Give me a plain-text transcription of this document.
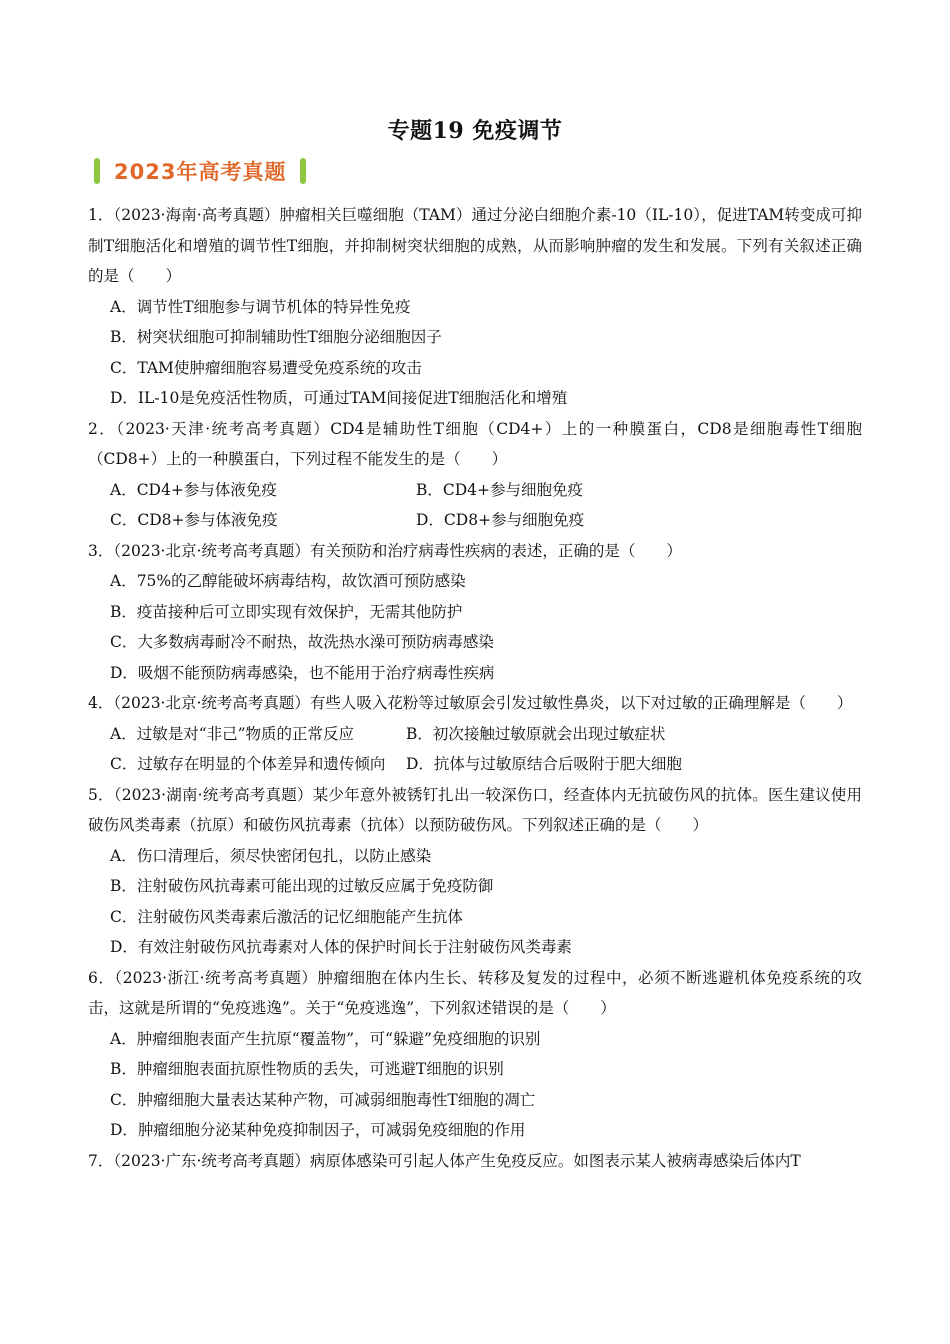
专题19 免疫调节
2023年高考真题
1．（2023·海南·高考真题）肿瘤相关巨噬细胞（TAM）通过分泌白细胞介素-10（IL-10），促进TAM转变成可抑制T细胞活化和增殖的调节性T细胞，并抑制树突状细胞的成熟，从而影响肿瘤的发生和发展。下列有关叙述正确的是（　　）
A．调节性T细胞参与调节机体的特异性免疫
B．树突状细胞可抑制辅助性T细胞分泌细胞因子
C．TAM使肿瘤细胞容易遭受免疫系统的攻击
D．IL-10是免疫活性物质，可通过TAM间接促进T细胞活化和增殖
2．（2023·天津·统考高考真题）CD4是辅助性T细胞（CD4+）上的一种膜蛋白，CD8是细胞毒性T细胞（CD8+）上的一种膜蛋白，下列过程不能发生的是（　　）
A．CD4+参与体液免疫	B．CD4+参与细胞免疫
C．CD8+参与体液免疫	D．CD8+参与细胞免疫
3．（2023·北京·统考高考真题）有关预防和治疗病毒性疾病的表述，正确的是（　　）
A．75%的乙醇能破坏病毒结构，故饮酒可预防感染
B．疫苗接种后可立即实现有效保护，无需其他防护
C．大多数病毒耐冷不耐热，故洗热水澡可预防病毒感染
D．吸烟不能预防病毒感染，也不能用于治疗病毒性疾病
4．（2023·北京·统考高考真题）有些人吸入花粉等过敏原会引发过敏性鼻炎，以下对过敏的正确理解是（　　）
A．过敏是对“非己”物质的正常反应	B．初次接触过敏原就会出现过敏症状
C．过敏存在明显的个体差异和遗传倾向	D．抗体与过敏原结合后吸附于肥大细胞
5．（2023·湖南·统考高考真题）某少年意外被锈钉扎出一较深伤口，经查体内无抗破伤风的抗体。医生建议使用破伤风类毒素（抗原）和破伤风抗毒素（抗体）以预防破伤风。下列叙述正确的是（　　）
A．伤口清理后，须尽快密闭包扎，以防止感染
B．注射破伤风抗毒素可能出现的过敏反应属于免疫防御
C．注射破伤风类毒素后激活的记忆细胞能产生抗体
D．有效注射破伤风抗毒素对人体的保护时间长于注射破伤风类毒素
6．（2023·浙江·统考高考真题）肿瘤细胞在体内生长、转移及复发的过程中，必须不断逃避机体免疫系统的攻击，这就是所谓的“免疫逃逸”。关于“免疫逃逸”，下列叙述错误的是（　　）
A．肿瘤细胞表面产生抗原“覆盖物”，可“躲避”免疫细胞的识别
B．肿瘤细胞表面抗原性物质的丢失，可逃避T细胞的识别
C．肿瘤细胞大量表达某种产物，可减弱细胞毒性T细胞的凋亡
D．肿瘤细胞分泌某种免疫抑制因子，可减弱免疫细胞的作用
7．（2023·广东·统考高考真题）病原体感染可引起人体产生免疫反应。如图表示某人被病毒感染后体内T
